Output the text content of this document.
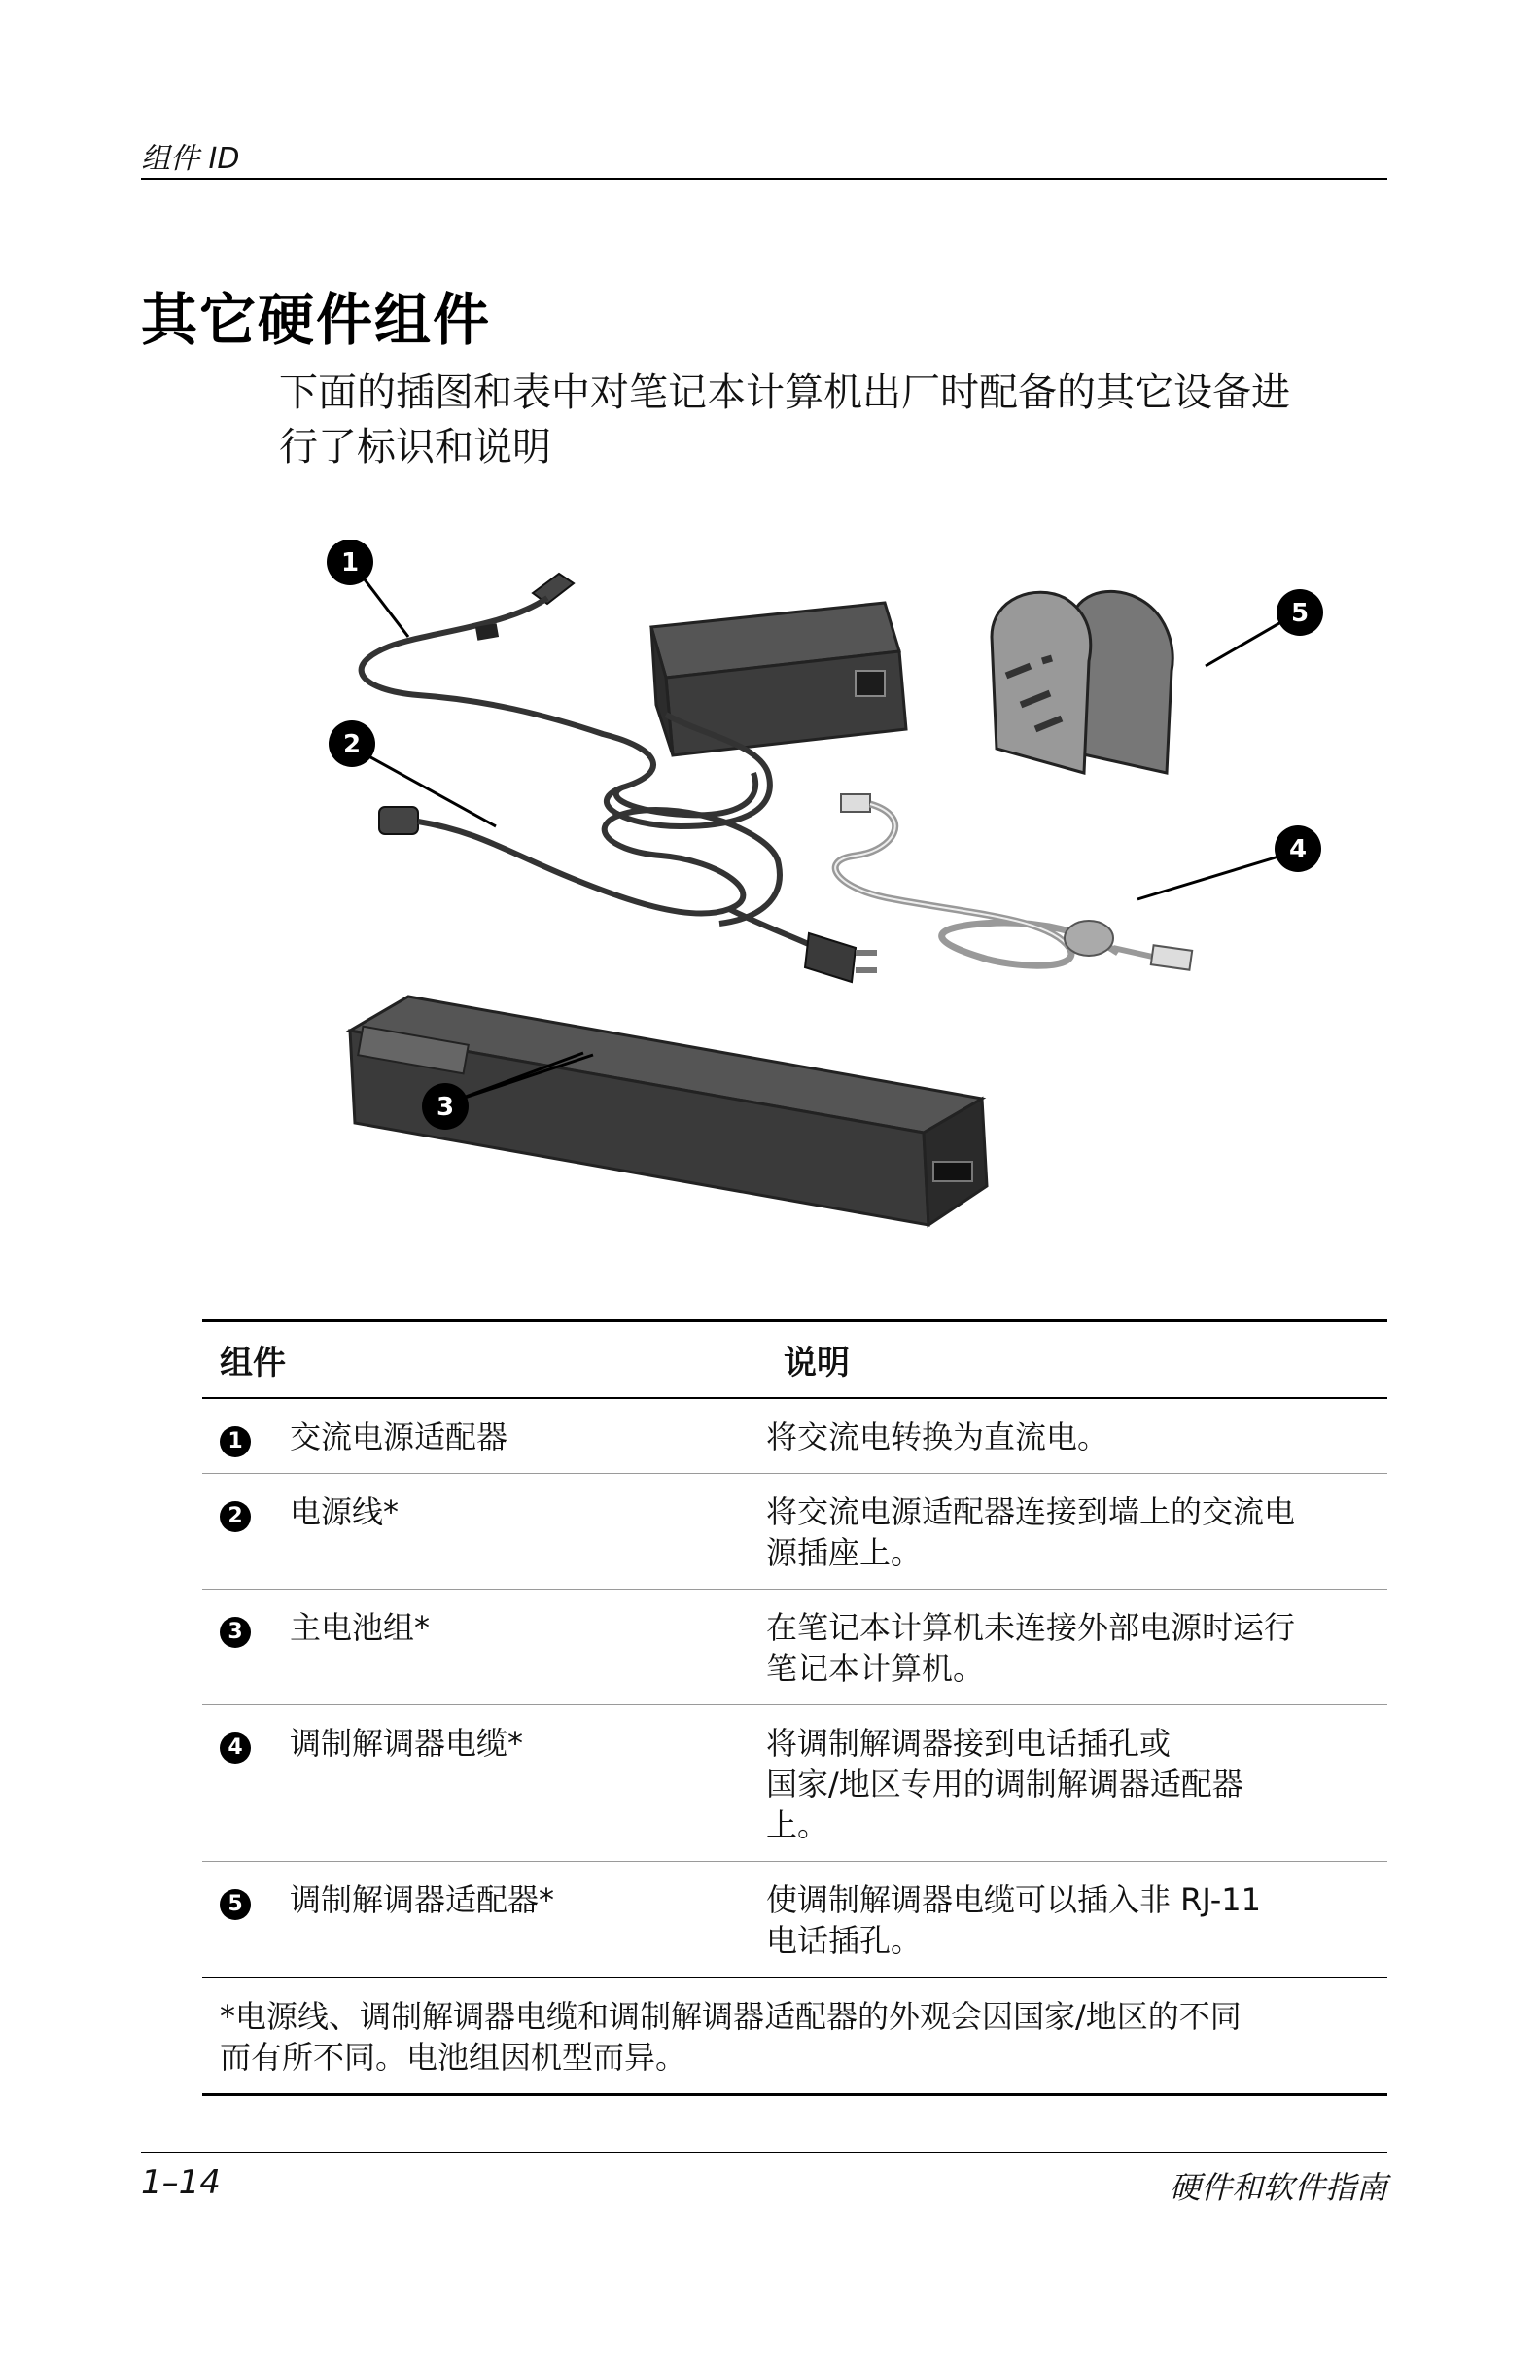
组件 ID
其它硬件组件
下面的插图和表中对笔记本计算机出厂时配备的其它设备进
行了标识和说明
1
2
3
4
5
组件		说明
1	交流电源适配器	将交流电转换为直流电。

2	电源线*	将交流电源适配器连接到墙上的交流电
源插座上。

3	主电池组*	在笔记本计算机未连接外部电源时运行
笔记本计算机。

4	调制解调器电缆*	将调制解调器接到电话插孔或
国家/地区专用的调制解调器适配器
上。

5	调制解调器适配器*	使调制解调器电缆可以插入非 RJ-11
电话插孔。

*电源线、调制解调器电缆和调制解调器适配器的外观会因国家/地区的不同
而有所不同。电池组因机型而异。		
1–14	硬件和软件指南
